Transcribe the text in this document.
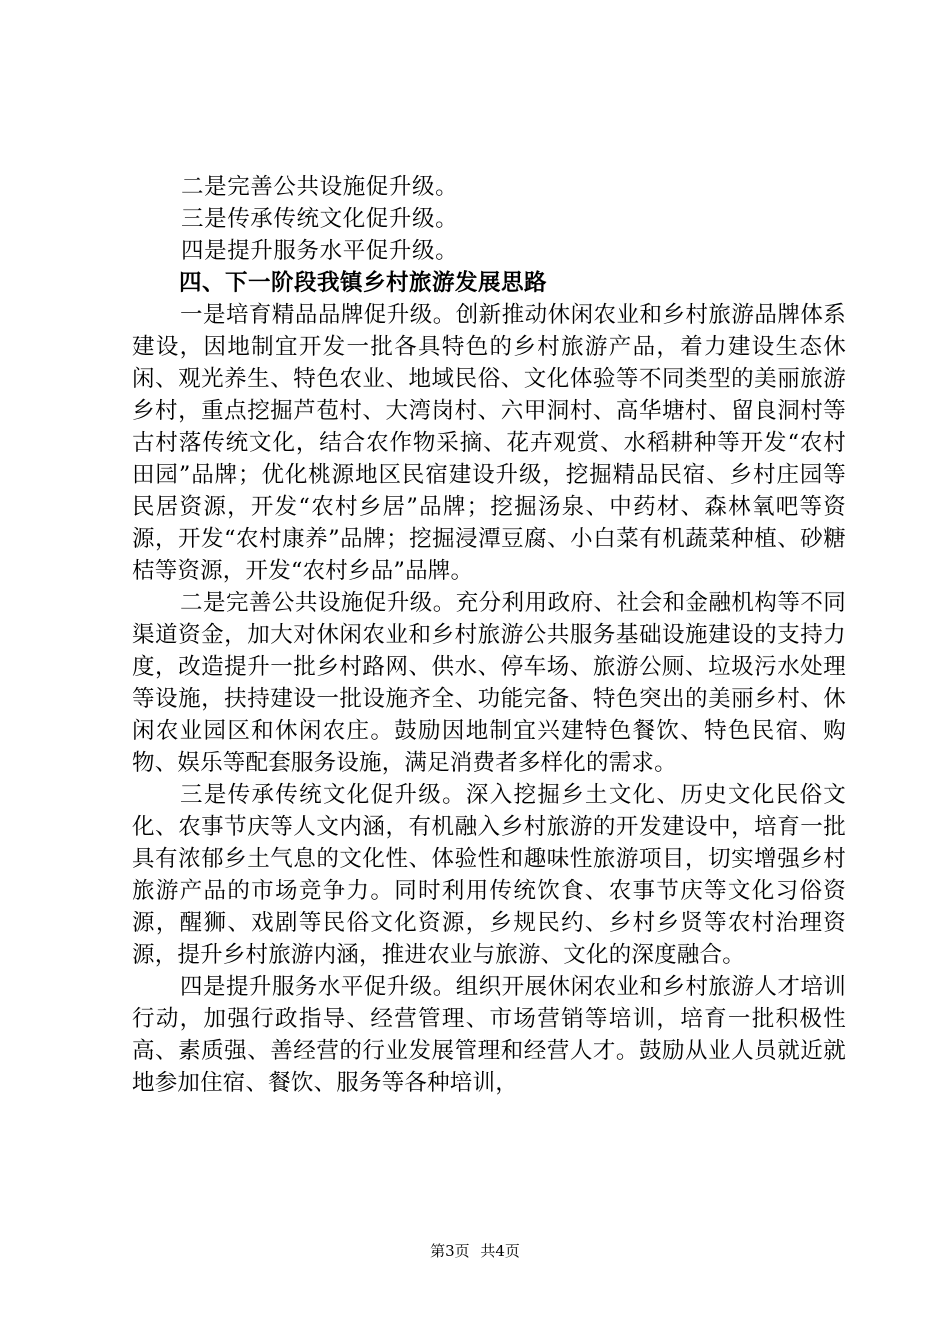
二是完善公共设施促升级。
三是传承传统文化促升级。
四是提升服务水平促升级。
四、下一阶段我镇乡村旅游发展思路

一是培育精品品牌促升级。创新推动休闲农业和乡村旅游品牌体系建设，因地制宜开发一批各具特色的乡村旅游产品，着力建设生态休闲、观光养生、特色农业、地域民俗、文化体验等不同类型的美丽旅游乡村，重点挖掘芦苞村、大湾岗村、六甲洞村、高华塘村、留良洞村等古村落传统文化，结合农作物采摘、花卉观赏、水稻耕种等开发“农村田园”品牌；优化桃源地区民宿建设升级，挖掘精品民宿、乡村庄园等民居资源，开发“农村乡居”品牌；挖掘汤泉、中药材、森林氧吧等资源，开发“农村康养”品牌；挖掘浸潭豆腐、小白菜有机蔬菜种植、砂糖桔等资源，开发“农村乡品”品牌。

二是完善公共设施促升级。充分利用政府、社会和金融机构等不同渠道资金，加大对休闲农业和乡村旅游公共服务基础设施建设的支持力度，改造提升一批乡村路网、供水、停车场、旅游公厕、垃圾污水处理等设施，扶持建设一批设施齐全、功能完备、特色突出的美丽乡村、休闲农业园区和休闲农庄。鼓励因地制宜兴建特色餐饮、特色民宿、购物、娱乐等配套服务设施，满足消费者多样化的需求。

三是传承传统文化促升级。深入挖掘乡土文化、历史文化民俗文化、农事节庆等人文内涵，有机融入乡村旅游的开发建设中，培育一批具有浓郁乡土气息的文化性、体验性和趣味性旅游项目，切实增强乡村旅游产品的市场竞争力。同时利用传统饮食、农事节庆等文化习俗资源，醒狮、戏剧等民俗文化资源，乡规民约、乡村乡贤等农村治理资源，提升乡村旅游内涵，推进农业与旅游、文化的深度融合。

四是提升服务水平促升级。组织开展休闲农业和乡村旅游人才培训行动，加强行政指导、经营管理、市场营销等培训，培育一批积极性高、素质强、善经营的行业发展管理和经营人才。鼓励从业人员就近就地参加住宿、餐饮、服务等各种培训，

第3页 共4页
